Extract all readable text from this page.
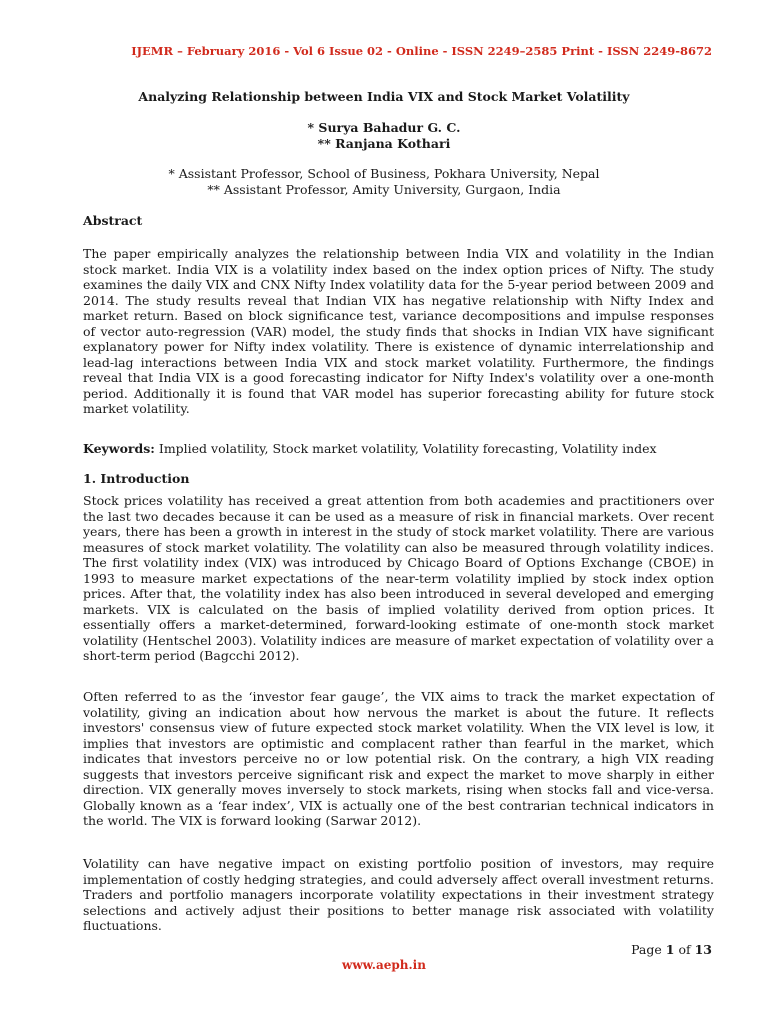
IJEMR – February 2016 - Vol 6 Issue 02 - Online - ISSN 2249–2585 Print - ISSN 2249-8672
Analyzing Relationship between India VIX and Stock Market Volatility
* Surya Bahadur G. C.
** Ranjana Kothari
* Assistant Professor, School of Business, Pokhara University, Nepal
** Assistant Professor, Amity University, Gurgaon, India
Abstract

The paper empirically analyzes the relationship between India VIX and volatility in the Indian stock market. India VIX is a volatility index based on the index option prices of Nifty. The study examines the daily VIX and CNX Nifty Index volatility data for the 5-year period between 2009 and 2014. The study results reveal that Indian VIX has negative relationship with Nifty Index and market return. Based on block significance test, variance decompositions and impulse responses of vector auto-regression (VAR) model, the study finds that shocks in Indian VIX have significant explanatory power for Nifty index volatility. There is existence of dynamic interrelationship and lead-lag interactions between India VIX and stock market volatility. Furthermore, the findings reveal that India VIX is a good forecasting indicator for Nifty Index's volatility over a one-month period. Additionally it is found that VAR model has superior forecasting ability for future stock market volatility.

Keywords: Implied volatility, Stock market volatility, Volatility forecasting, Volatility index
1. Introduction

Stock prices volatility has received a great attention from both academies and practitioners over the last two decades because it can be used as a measure of risk in financial markets. Over recent years, there has been a growth in interest in the study of stock market volatility. There are various measures of stock market volatility. The volatility can also be measured through volatility indices. The first volatility index (VIX) was introduced by Chicago Board of Options Exchange (CBOE) in 1993 to measure market expectations of the near-term volatility implied by stock index option prices. After that, the volatility index has also been introduced in several developed and emerging markets. VIX is calculated on the basis of implied volatility derived from option prices. It essentially offers a market-determined, forward-looking estimate of one-month stock market volatility (Hentschel 2003). Volatility indices are measure of market expectation of volatility over a short-term period (Bagcchi 2012).

Often referred to as the ‘investor fear gauge’, the VIX aims to track the market expectation of volatility, giving an indication about how nervous the market is about the future. It reflects investors' consensus view of future expected stock market volatility. When the VIX level is low, it implies that investors are optimistic and complacent rather than fearful in the market, which indicates that investors perceive no or low potential risk. On the contrary, a high VIX reading suggests that investors perceive significant risk and expect the market to move sharply in either direction. VIX generally moves inversely to stock markets, rising when stocks fall and vice-versa. Globally known as a ‘fear index’, VIX is actually one of the best contrarian technical indicators in the world. The VIX is forward looking (Sarwar 2012).

Volatility can have negative impact on existing portfolio position of investors, may require implementation of costly hedging strategies, and could adversely affect overall investment returns. Traders and portfolio managers incorporate volatility expectations in their investment strategy selections and actively adjust their positions to better manage risk associated with volatility fluctuations.

Page 1 of 13
www.aeph.in
